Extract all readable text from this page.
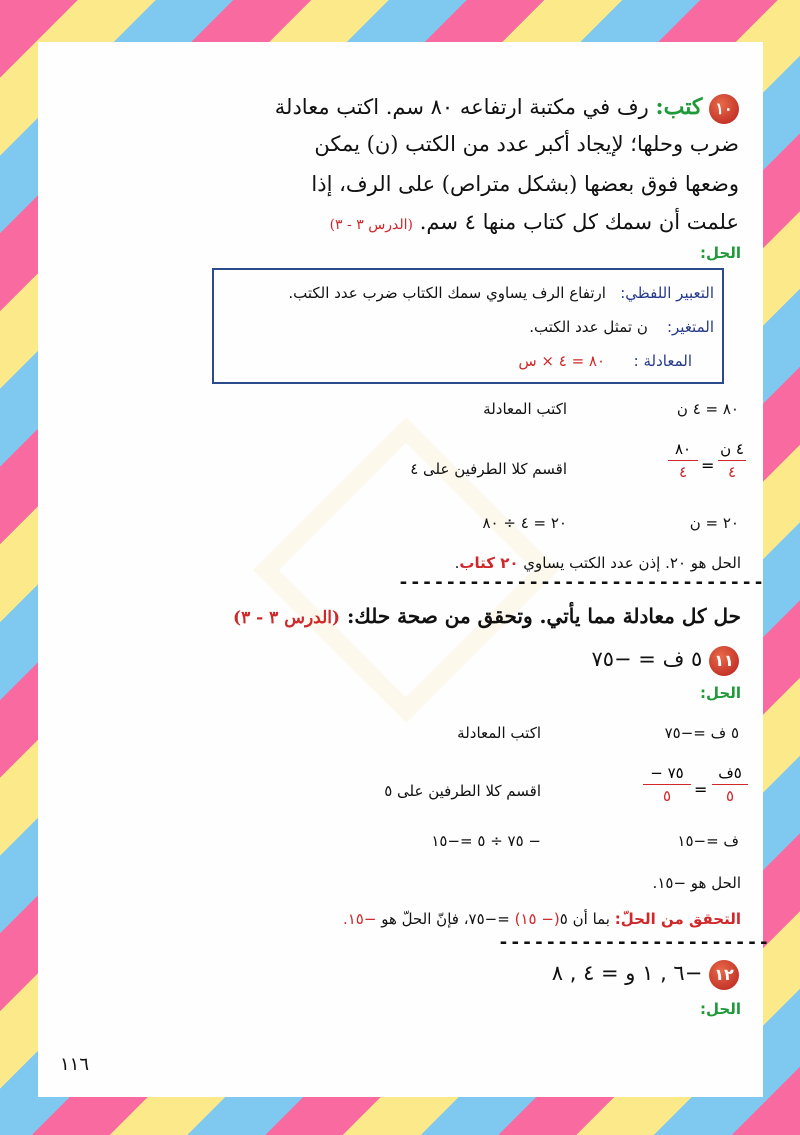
١٠ كتب: رف في مكتبة ارتفاعه ٨٠ سم. اكتب معادلة
ضرب وحلها؛ لإيجاد أكبر عدد من الكتب (ن) يمكن
وضعها فوق بعضها (بشكل متراص) على الرف، إذا
علمت أن سمك كل كتاب منها ٤ سم. (الدرس ٣ - ٣)
الحل:
التعبير اللفظي:   ارتفاع الرف يساوي سمك الكتاب ضرب عدد الكتب.
المتغير:    ن تمثل عدد الكتب.
المعادلة :      ٨٠ = ٤ × س
٨٠ = ٤ ن
اكتب المعادلة
٨٠
٤ =
٤ ن
٤
اقسم كلا الطرفين على ٤
٢٠ = ن
٢٠ = ٤ ÷ ٨٠
الحل هو ٢٠. إذن عدد الكتب يساوي ٢٠ كتاب.
-------------------------------
حل كل معادلة مما يأتي. وتحقق من صحة حلك: (الدرس ٣ - ٣)
١١ ٥ ف = −٧٥
الحل:
٥ ف =−٧٥
اكتب المعادلة
٧٥ −
٥	=
٥ف
٥
اقسم كلا الطرفين على ٥
ف =−١٥
− ٧٥ ÷ ٥ =−١٥
الحل هو −١٥.
التحقق من الحلّ: بما أن ٥(− ١٥) =−٧٥، فإنّ الحلّ هو −١٥.
-----------------------
١٢ −٦ , ١ و = ٤ , ٨
الحل:
١١٦
